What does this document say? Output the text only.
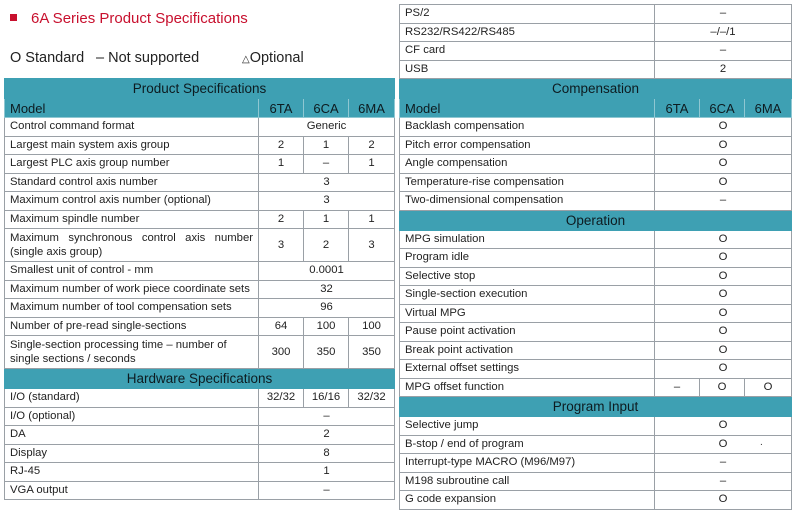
6A Series Product Specifications
O Standard – Not supported	△Optional
Product Specifications			
Model	6TA	6CA	6MA
Control command format	Generic		
Largest main system axis group	2	1	2
Largest PLC axis group number	1	–	1
Standard control axis number	3		
Maximum control axis number (optional)	3		
Maximum spindle number	2	1	1
Maximum synchronous control axis number (single axis group)	3	2	3
Smallest unit of control - mm	0.0001		
Maximum number of work piece coordinate sets	32		
Maximum number of tool compensation sets	96		
Number of pre-read single-sections	64	100	100
Single-section processing time – number of single sections / seconds	300	350	350
Hardware Specifications			
I/O (standard)	32/32	16/16	32/32
I/O (optional)	–		
DA	2		
Display	8		
RJ-45	1		
VGA output	–		
PS/2	–		
RS232/RS422/RS485	–/–/1		
CF card	–		
USB	2		
Compensation			
Model	6TA	6CA	6MA
Backlash compensation	O		
Pitch error compensation	O		
Angle compensation	O		
Temperature-rise compensation	O		
Two-dimensional compensation	–		
Operation			
MPG simulation	O		
Program idle	O		
Selective stop	O		
Single-section execution	O		
Virtual MPG	O		
Pause point activation	O		
Break point activation	O		
External offset settings	O		
MPG offset function	–	O	O
Program Input			
Selective jump	O		
B-stop / end of program	O		
Interrupt-type MACRO (M96/M97)	–		
M198 subroutine call	–		
G code expansion	O		
.
